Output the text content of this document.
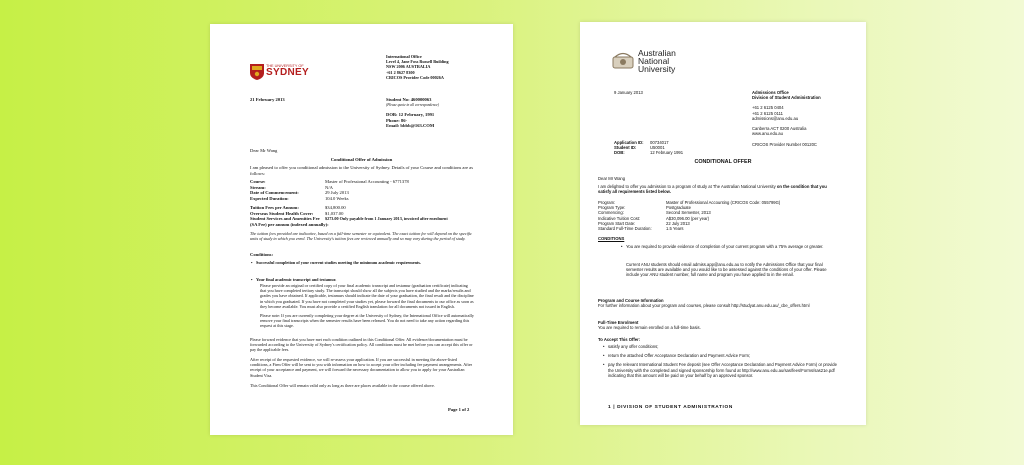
THE UNIVERSITY OF
SYDNEY
International Office
Level 4, Jane Foss Russell Building
NSW 2006 AUSTRALIA
+61 2 8627 8300
CRICOS Provider Code 00026A
21 February 2013	Student No: 460000063
(Please quote in all correspondence)
DOB: 12 February, 1991
Phone: 86-
Email: bbbb@163.COM
Dear Mr Wang
Conditional Offer of Admission
I am pleased to offer you conditional admission to the University of Sydney. Details of your Course and conditions are as follows:
Course:
Stream:
Date of Commencement:
Expected Duration:
Master of Professional Accounting - 6771378
N/A
29 July 2013
104.0 Weeks
Tuition Fees per Annum:
Overseas Student Health Cover:
Student Services and Amenities Fee
(SA Fee) per annum (indexed annually):
$34,800.00
$1,037.00
$273.00 Only payable from 1 January 2013, invoiced after enrolment
The tuition fees provided are indicative, based on a full-time semester or equivalent. The exact tuition fee will depend on the specific units of study in which you enrol. The University's tuition fees are reviewed annually and so may vary during the period of study.
Conditions:
• Successful completion of your current studies meeting the minimum academic requirements.
• Your final academic transcript and testamur.
Please provide an original or certified copy of your final academic transcript and testamur (graduation certificate) indicating that you have completed tertiary study. The transcript should show all the subjects you have studied and the marks/results and grades you have obtained. If applicable, testamurs should indicate the date of your graduation, the final result and the discipline in which you graduated. If you have not completed your studies yet, please forward the final documents to our office as soon as they become available. You must also provide a certified English translation for all documents not issued in English.
Please note: If you are currently completing your degree at the University of Sydney, the International Office will automatically remove your final transcripts when the semester results have been released. You do not need to take any action regarding this request at this stage.
Please forward evidence that you have met each condition outlined in this Conditional Offer. All evidence/documentation must be forwarded according to the University of Sydney's certification policy. All conditions must be met before you can accept this offer or pay the applicable fees.
After receipt of the requested evidence, we will re-assess your application. If you are successful in meeting the above-listed conditions, a Firm Offer will be sent to you with information on how to accept your offer including fee payment arrangements. After receipt of your acceptance and payment, we will forward the necessary documentation to allow you to apply for your Australian Student Visa.
This Conditional Offer will remain valid only as long as there are places available in the course offered above.
Page 1 of 2
Australian
National
University
9 January 2013	Admissions Office
Division of Student Administration
+61 2 6125 0404
+61 2 6125 0111
admissions@anu.edu.au
Canberra ACT 0200 Australia
www.anu.edu.au
Application ID:
Student ID:
DOB:
00734017
U50001
12 February 1991
CRICOS Provider Number 00120C
CONDITIONAL OFFER
Dear Mr Wang
I am delighted to offer you admission to a program of study at The Australian National University on the condition that you satisfy all requirements listed below.
Program:
Program Type:
Commencing:
Indicative Tuition Cost:
Program Start Date:
Standard Full-Time Duration:
Master of Professional Accounting (CRICOS Code: 055799G)
Postgraduate
Second Semester, 2013
A$30,096.00 (per year)
22 July 2013
1.5 Years
CONDITIONS
• You are required to provide evidence of completion of your current program with a 75% average or greater.
Current ANU students should email admiss.app@anu.edu.au to notify the Admissions Office that your final semester results are available and you would like to be assessed against the conditions of your offer. Please include your ANU student number, full name and program you have applied to in the email.
Program and Course Information
For further information about your program and courses, please consult http://studyat.anu.edu.au/_cbe_offers.html
Full-Time Enrolment
You are required to remain enrolled on a full-time basis.
To Accept This Offer:
• satisfy any offer conditions;
• return the attached Offer Acceptance Declaration and Payment Advice Form;
• pay the relevant International Student Fee deposit (see Offer Acceptance Declaration and Payment Advice Form) or provide the University with the completed and signed sponsorship form found at http://www.anu.edu.au/sas/fees/Forms/sas21e.pdf indicating that this amount will be paid on your behalf by an approved sponsor.
1 | DIVISION OF STUDENT ADMINISTRATION
